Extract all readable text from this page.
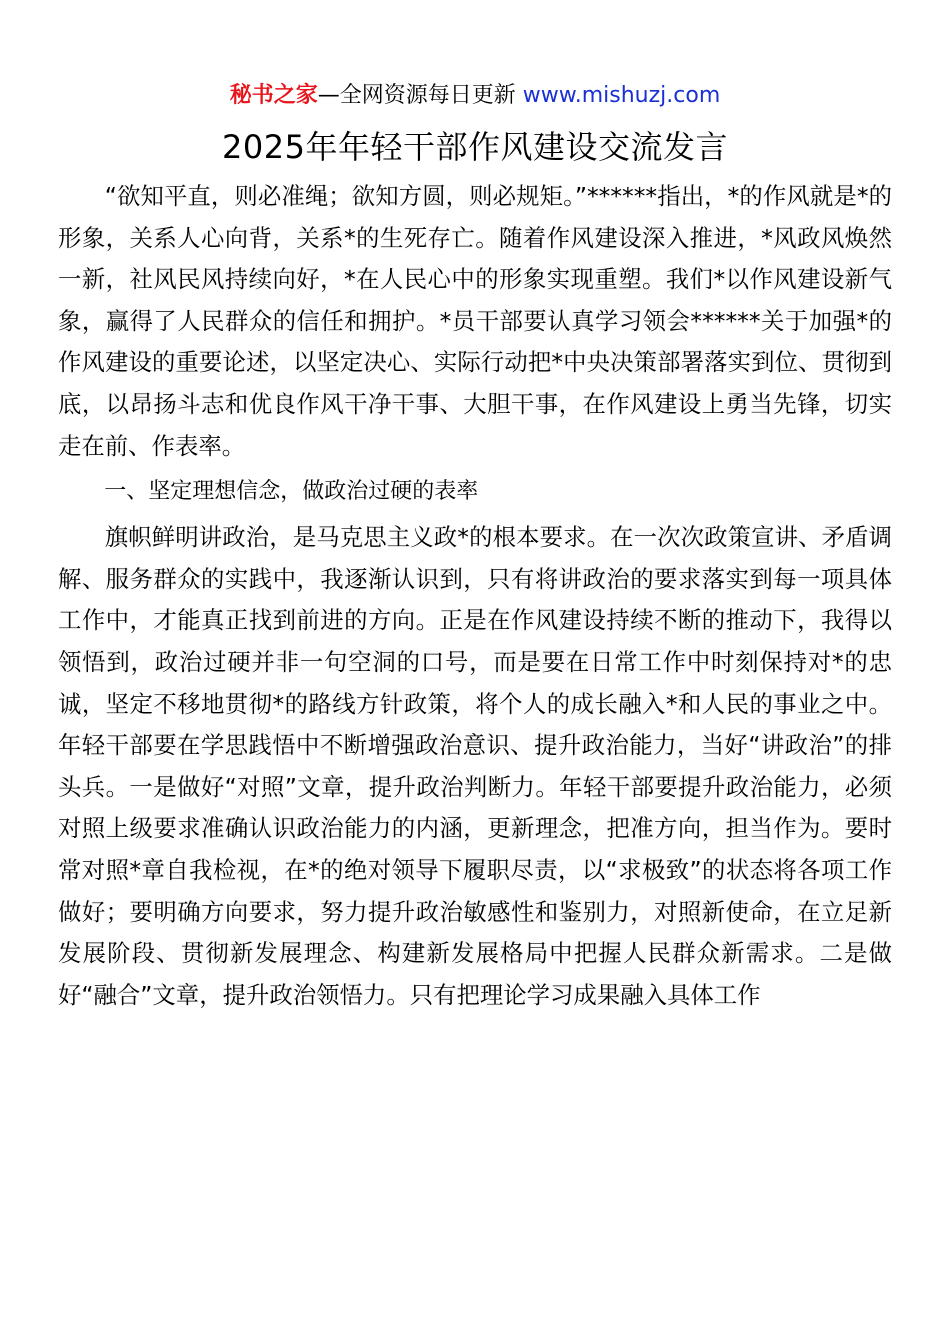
秘书之家—全网资源每日更新 www.mishuzj.com
2025年年轻干部作风建设交流发言

“欲知平直，则必准绳；欲知方圆，则必规矩。”******指出，*的作风就是*的形象，关系人心向背，关系*的生死存亡。随着作风建设深入推进，*风政风焕然一新，社风民风持续向好，*在人民心中的形象实现重塑。我们*以作风建设新气象，赢得了人民群众的信任和拥护。*员干部要认真学习领会******关于加强*的作风建设的重要论述，以坚定决心、实际行动把*中央决策部署落实到位、贯彻到底，以昂扬斗志和优良作风干净干事、大胆干事，在作风建设上勇当先锋，切实走在前、作表率。

一、坚定理想信念，做政治过硬的表率

旗帜鲜明讲政治，是马克思主义政*的根本要求。在一次次政策宣讲、矛盾调解、服务群众的实践中，我逐渐认识到，只有将讲政治的要求落实到每一项具体工作中，才能真正找到前进的方向。正是在作风建设持续不断的推动下，我得以领悟到，政治过硬并非一句空洞的口号，而是要在日常工作中时刻保持对*的忠诚，坚定不移地贯彻*的路线方针政策，将个人的成长融入*和人民的事业之中。年轻干部要在学思践悟中不断增强政治意识、提升政治能力，当好“讲政治”的排头兵。一是做好“对照”文章，提升政治判断力。年轻干部要提升政治能力，必须对照上级要求准确认识政治能力的内涵，更新理念，把准方向，担当作为。要时常对照*章自我检视，在*的绝对领导下履职尽责，以“求极致”的状态将各项工作做好；要明确方向要求，努力提升政治敏感性和鉴别力，对照新使命，在立足新发展阶段、贯彻新发展理念、构建新发展格局中把握人民群众新需求。二是做好“融合”文章，提升政治领悟力。只有把理论学习成果融入具体工作
